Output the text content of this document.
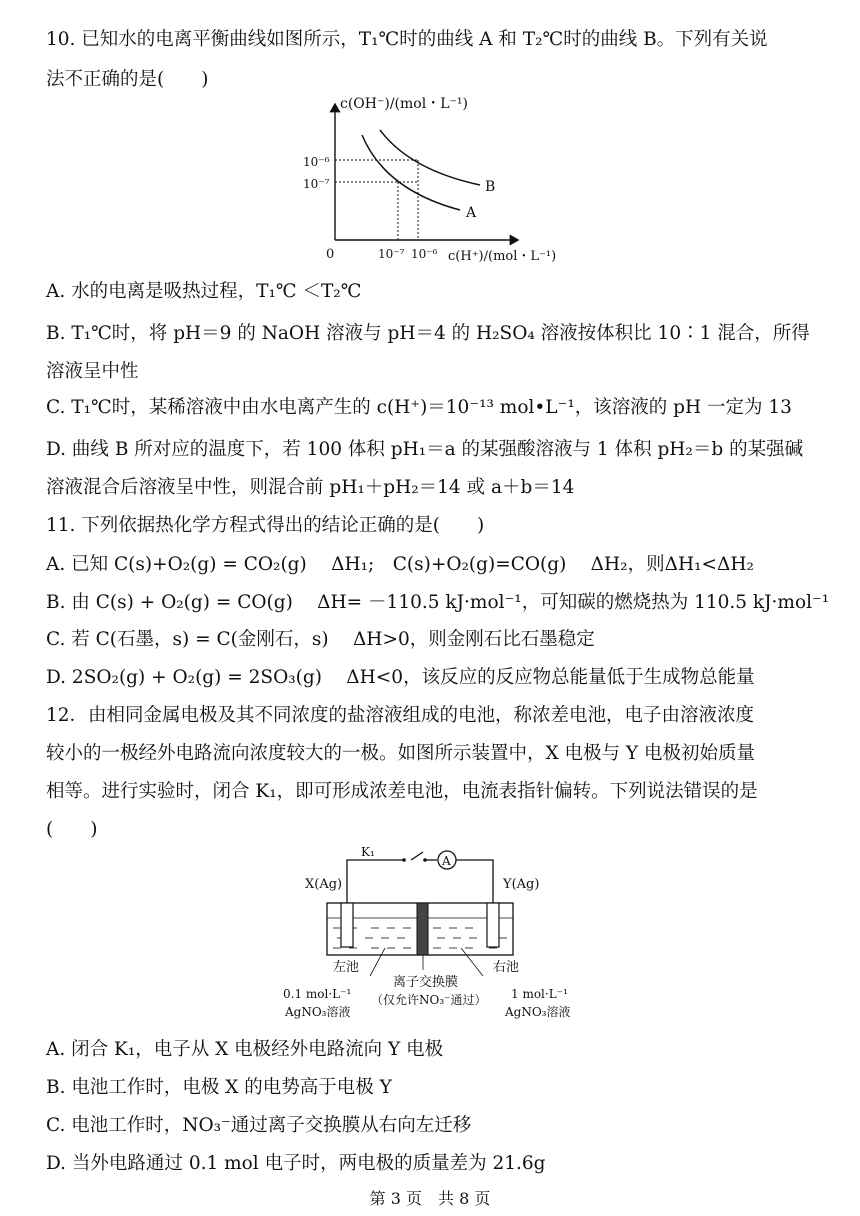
10. 已知水的电离平衡曲线如图所示，T₁℃时的曲线 A 和 T₂℃时的曲线 B。下列有关说
法不正确的是(　　)
c(OH⁻)/(mol・L⁻¹)
B
A
10⁻⁶
10⁻⁷
0	10⁻⁷ 10⁻⁶ c(H⁺)/(mol・L⁻¹)
A. 水的电离是吸热过程，T₁℃ ＜T₂℃
B. T₁℃时，将 pH＝9 的 NaOH 溶液与 pH＝4 的 H₂SO₄ 溶液按体积比 10∶1 混合，所得
溶液呈中性
C. T₁℃时，某稀溶液中由水电离产生的 c(H⁺)＝10⁻¹³ mol•L⁻¹，该溶液的 pH 一定为 13
D. 曲线 B 所对应的温度下，若 100 体积 pH₁＝a 的某强酸溶液与 1 体积 pH₂＝b 的某强碱
溶液混合后溶液呈中性，则混合前 pH₁＋pH₂＝14 或 a＋b＝14
11. 下列依据热化学方程式得出的结论正确的是(　　)
A. 已知 C(s)+O₂(g) = CO₂(g)　 ΔH₁;　C(s)+O₂(g)=CO(g)　 ΔH₂，则ΔH₁<ΔH₂
B. 由 C(s) + O₂(g) = CO(g)　 ΔH= －110.5 kJ·mol⁻¹，可知碳的燃烧热为 110.5 kJ·mol⁻¹
C. 若 C(石墨，s) = C(金刚石，s)　 ΔH>0，则金刚石比石墨稳定
D. 2SO₂(g) + O₂(g) = 2SO₃(g)　 ΔH<0，该反应的反应物总能量低于生成物总能量
12．由相同金属电极及其不同浓度的盐溶液组成的电池，称浓差电池，电子由溶液浓度
较小的一极经外电路流向浓度较大的一极。如图所示装置中，X 电极与 Y 电极初始质量
相等。进行实验时，闭合 K₁，即可形成浓差电池，电流表指针偏转。下列说法错误的是
(　　)
A
K₁
X(Ag)	Y(Ag)
左池	右池
离子交换膜
（仅允许NO₃⁻通过）
0.1 mol·L⁻¹
AgNO₃溶液
1 mol·L⁻¹
AgNO₃溶液
A. 闭合 K₁，电子从 X 电极经外电路流向 Y 电极
B. 电池工作时，电极 X 的电势高于电极 Y
C. 电池工作时，NO₃⁻通过离子交换膜从右向左迁移
D. 当外电路通过 0.1 mol 电子时，两电极的质量差为 21.6g
第 3 页　共 8 页
